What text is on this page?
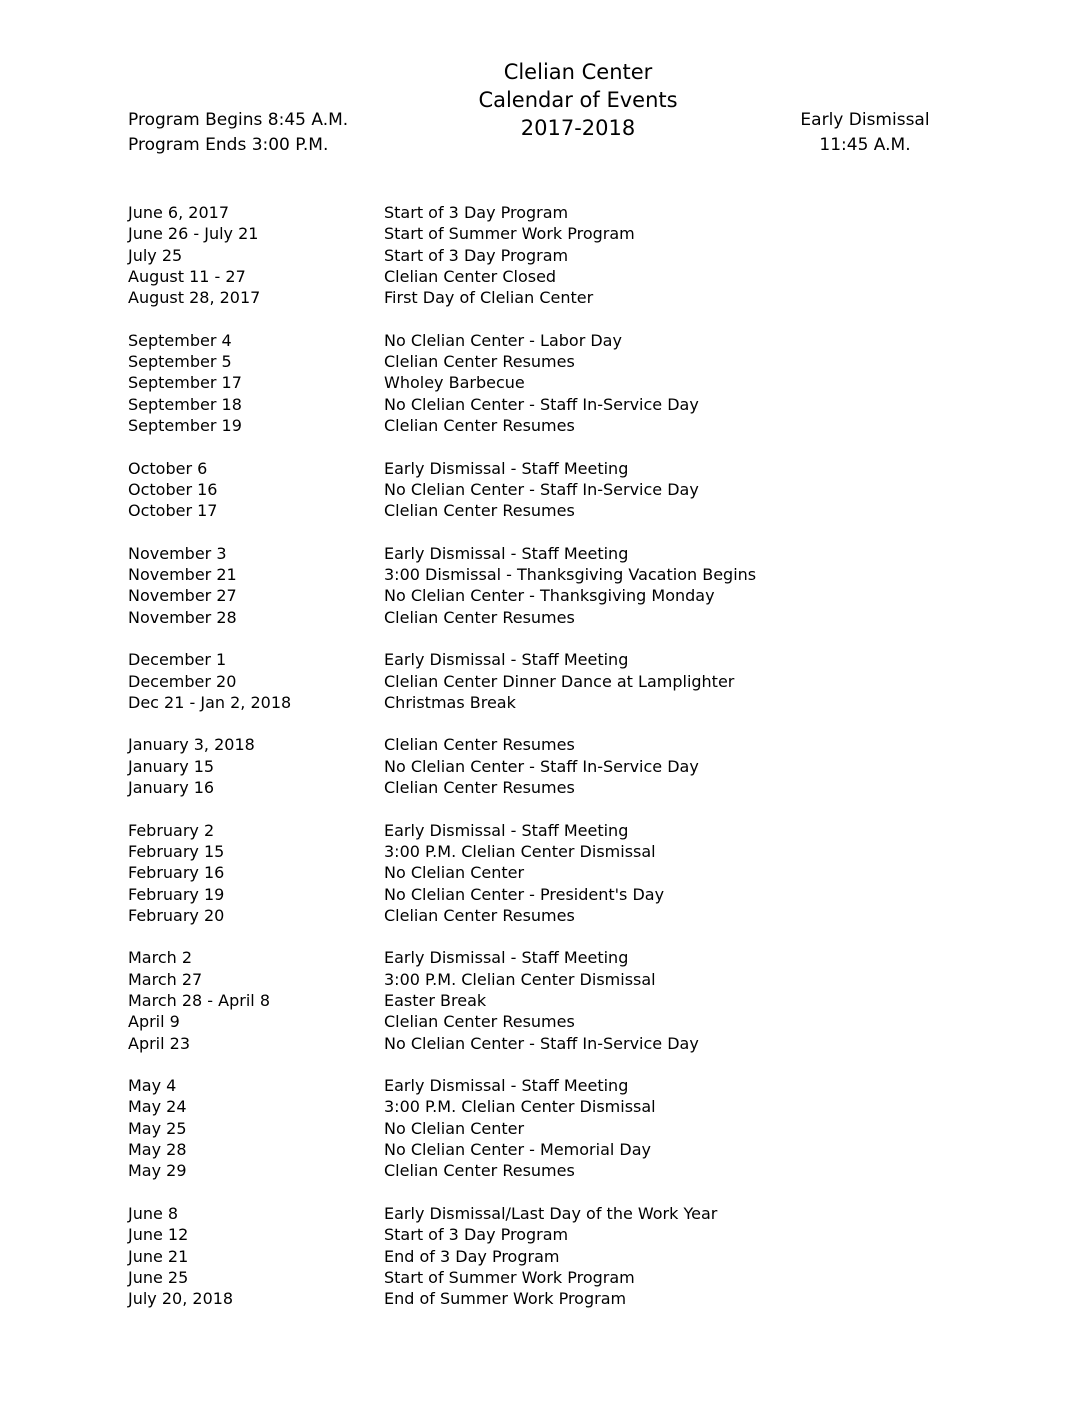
Clelian Center
Calendar of Events
2017-2018
Program Begins 8:45 A.M.
Program Ends 3:00 P.M.
Early Dismissal
11:45 A.M.
June 6, 2017	Start of 3 Day Program
June 26 - July 21	Start of Summer Work Program
July 25	Start of 3 Day Program
August 11 - 27	Clelian Center Closed
August 28, 2017	First Day of Clelian Center
September 4	No Clelian Center - Labor Day
September 5	Clelian Center Resumes
September 17	Wholey Barbecue
September 18	No Clelian Center - Staff In-Service Day
September 19	Clelian Center Resumes
October 6	Early Dismissal - Staff Meeting
October 16	No Clelian Center - Staff In-Service Day
October 17	Clelian Center Resumes
November 3	Early Dismissal - Staff Meeting
November 21	3:00 Dismissal - Thanksgiving Vacation Begins
November 27	No Clelian Center - Thanksgiving Monday
November 28	Clelian Center Resumes
December 1	Early Dismissal - Staff Meeting
December 20	Clelian Center Dinner Dance at Lamplighter
Dec 21 - Jan 2, 2018	Christmas Break
January 3, 2018	Clelian Center Resumes
January 15	No Clelian Center - Staff In-Service Day
January 16	Clelian Center Resumes
February 2	Early Dismissal - Staff Meeting
February 15	3:00 P.M. Clelian Center Dismissal
February 16	No Clelian Center
February 19	No Clelian Center - President's Day
February 20	Clelian Center Resumes
March 2	Early Dismissal - Staff Meeting
March 27	3:00 P.M. Clelian Center Dismissal
March 28 - April 8	Easter Break
April 9	Clelian Center Resumes
April 23	No Clelian Center - Staff In-Service Day
May 4	Early Dismissal - Staff Meeting
May 24	3:00 P.M. Clelian Center Dismissal
May 25	No Clelian Center
May 28	No Clelian Center - Memorial Day
May 29	Clelian Center Resumes
June 8	Early Dismissal/Last Day of the Work Year
June 12	Start of 3 Day Program
June 21	End of 3 Day Program
June 25	Start of Summer Work Program
July 20, 2018	End of Summer Work Program
